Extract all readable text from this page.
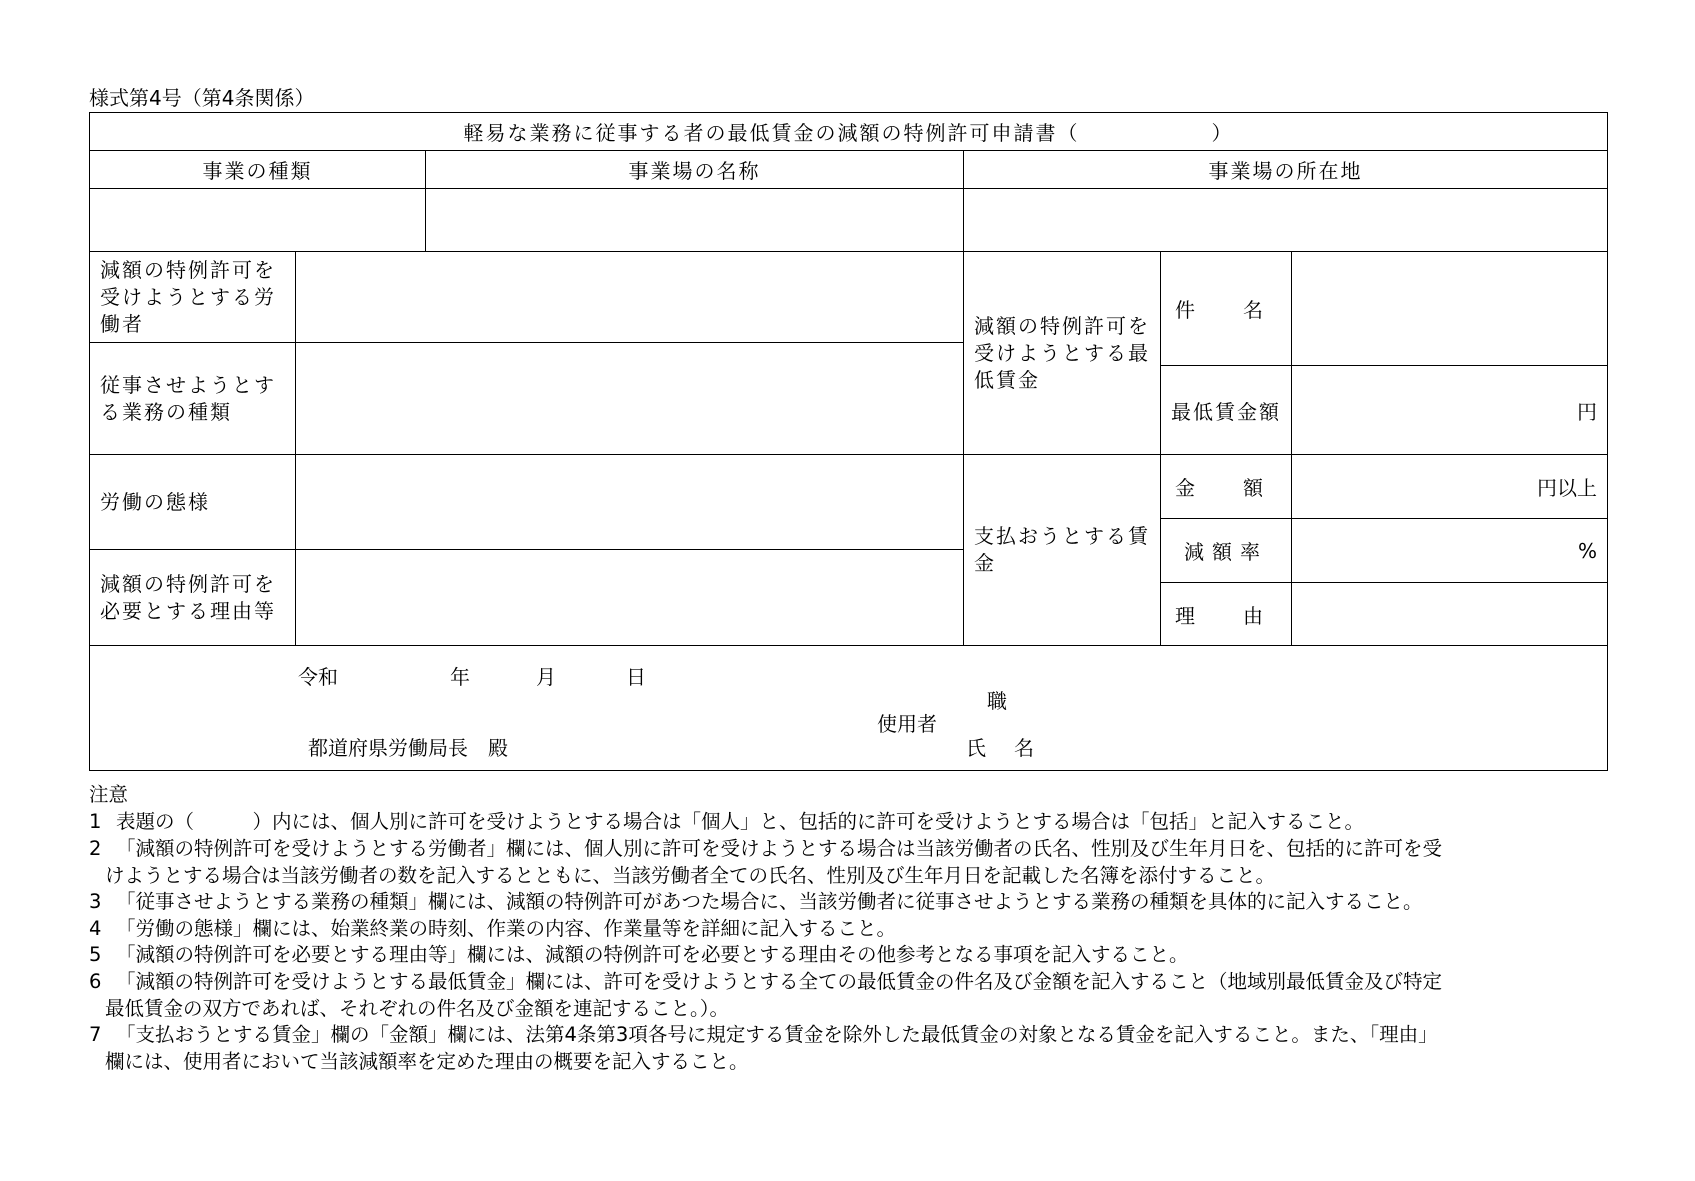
様式第4号（第4条関係）
軽易な業務に従事する者の最低賃金の減額の特例許可申請書（　　　　　　）
事業の種類	事業場の名称	事業場の所在地
減額の特例許可を受けようとする労働者
従事させようとする業務の種類
労働の態様
減額の特例許可を必要とする理由等
減額の特例許可を受けようとする最低賃金
件　名
最低賃金額	円
支払おうとする賃金
金　額	円以上
減額率	%
理　由
令和	年	月	日
職
使用者
氏　名
都道府県労働局長　殿
注意
1 表題の（　　　）内には、個人別に許可を受けようとする場合は「個人」と、包括的に許可を受けようとする場合は「包括」と記入すること。
2 「減額の特例許可を受けようとする労働者」欄には、個人別に許可を受けようとする場合は当該労働者の氏名、性別及び生年月日を、包括的に許可を受
けようとする場合は当該労働者の数を記入するとともに、当該労働者全ての氏名、性別及び生年月日を記載した名簿を添付すること。
3 「従事させようとする業務の種類」欄には、減額の特例許可があつた場合に、当該労働者に従事させようとする業務の種類を具体的に記入すること。
4 「労働の態様」欄には、始業終業の時刻、作業の内容、作業量等を詳細に記入すること。
5 「減額の特例許可を必要とする理由等」欄には、減額の特例許可を必要とする理由その他参考となる事項を記入すること。
6 「減額の特例許可を受けようとする最低賃金」欄には、許可を受けようとする全ての最低賃金の件名及び金額を記入すること（地域別最低賃金及び特定
最低賃金の双方であれば、それぞれの件名及び金額を連記すること。）。
7 「支払おうとする賃金」欄の「金額」欄には、法第4条第3項各号に規定する賃金を除外した最低賃金の対象となる賃金を記入すること。また、「理由」
欄には、使用者において当該減額率を定めた理由の概要を記入すること。
